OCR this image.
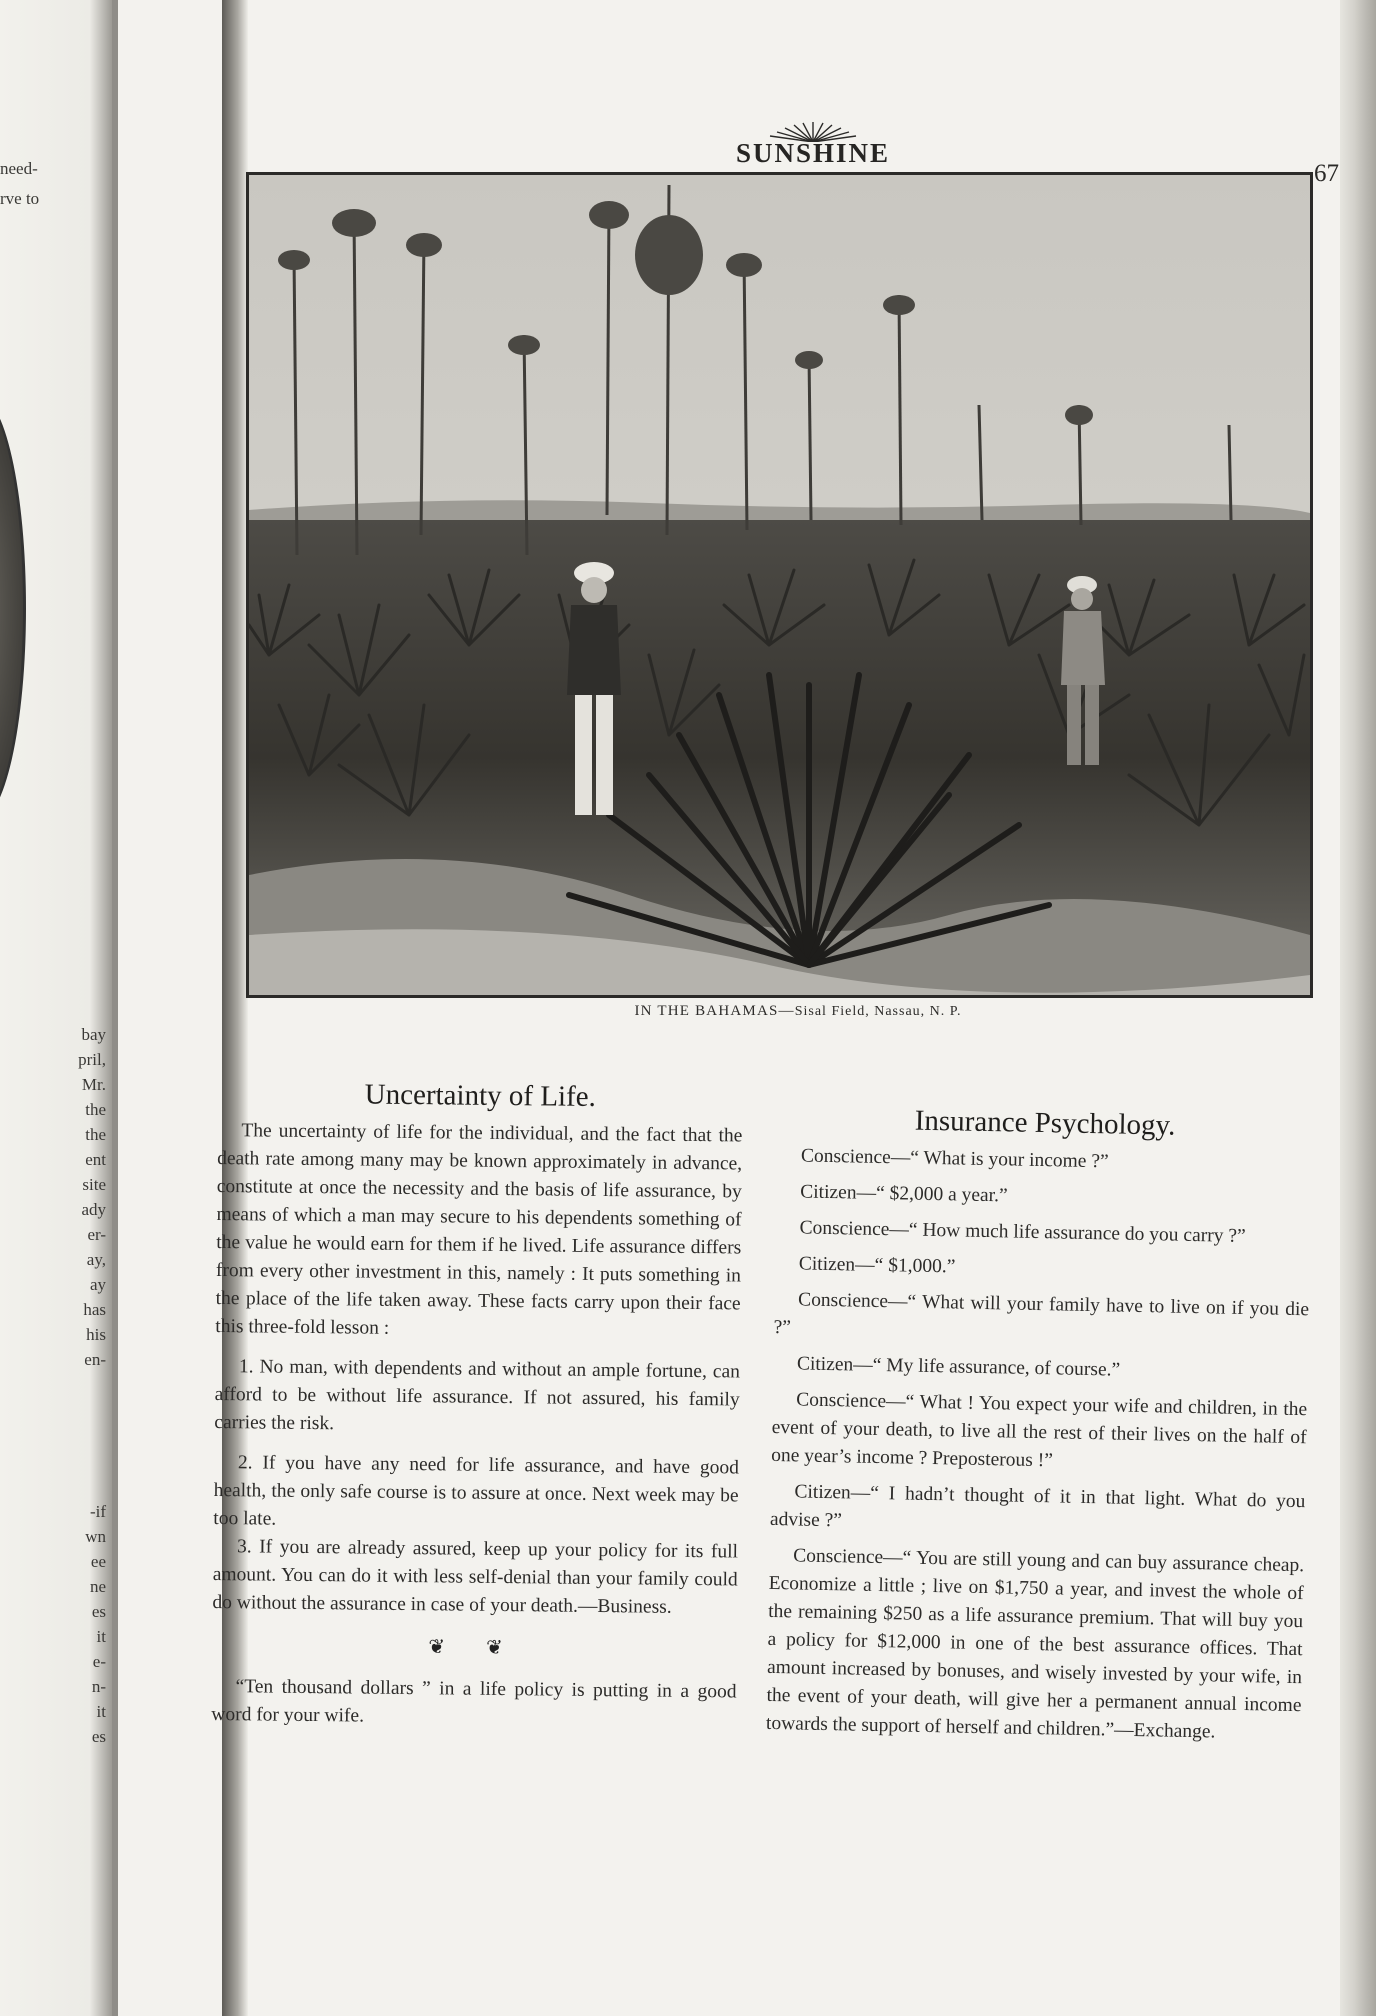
need-
rve to
bay
pril,
Mr.
the
the
ent
site
ady
er-
ay,
ay
has
his
en-
-if
wn
ee
ne
es
it
e-
n-
it
es
SUNSHINE
67
IN THE BAHAMAS—Sisal Field, Nassau, N. P.
Uncertainty of Life.

The uncertainty of life for the individual, and the fact that the death rate among many may be known approximately in advance, constitute at once the necessity and the basis of life assurance, by means of which a man may secure to his dependents something of the value he would earn for them if he lived. Life assurance differs from every other investment in this, namely : It puts something in the place of the life taken away. These facts carry upon their face this three-fold lesson :

1. No man, with dependents and without an ample fortune, can afford to be without life assurance. If not assured, his family carries the risk.

2. If you have any need for life assurance, and have good health, the only safe course is to assure at once. Next week may be too late.

3. If you are already assured, keep up your policy for its full amount. You can do it with less self-denial than your family could do without the assurance in case of your death.—Business.

❦ ❦

“Ten thousand dollars ” in a life policy is putting in a good word for your wife.

Insurance Psychology.

Conscience—“ What is your income ?”

Citizen—“ $2,000 a year.”

Conscience—“ How much life assurance do you carry ?”

Citizen—“ $1,000.”

Conscience—“ What will your family have to live on if you die ?”

Citizen—“ My life assurance, of course.”

Conscience—“ What ! You expect your wife and children, in the event of your death, to live all the rest of their lives on the half of one year’s income ? Preposterous !”

Citizen—“ I hadn’t thought of it in that light. What do you advise ?”

Conscience—“ You are still young and can buy assurance cheap. Economize a little ; live on $1,750 a year, and invest the whole of the remaining $250 as a life assurance premium. That will buy you a policy for $12,000 in one of the best assurance offices. That amount increased by bonuses, and wisely invested by your wife, in the event of your death, will give her a permanent annual income towards the support of herself and children.”—Exchange.
